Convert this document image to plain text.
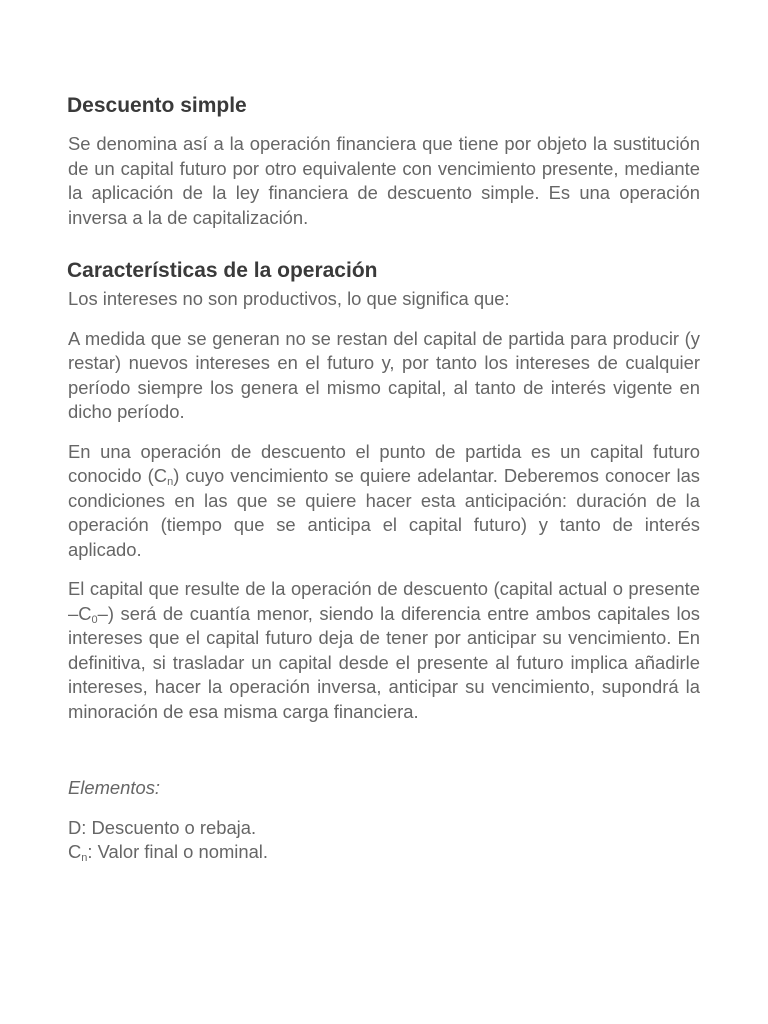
Descuento simple

Se denomina así a la operación financiera que tiene por objeto la sustitución de un capital futuro por otro equivalente con vencimiento presente, mediante la aplicación de la ley financiera de descuento simple. Es una operación inversa a la de capitalización.

Características de la operación

Los intereses no son productivos, lo que significa que:

A medida que se generan no se restan del capital de partida para producir (y restar) nuevos intereses en el futuro y, por tanto los intereses de cualquier período siempre los genera el mismo capital, al tanto de interés vigente en dicho período.

En una operación de descuento el punto de partida es un capital futuro conocido $(C_n)$ cuyo vencimiento se quiere adelantar. Deberemos conocer las condiciones en las que se quiere hacer esta anticipación: duración de la operación (tiempo que se anticipa el capital futuro) y tanto de interés aplicado.

El capital que resulte de la operación de descuento (capital actual o presente $-C_0-$) será de cuantía menor, siendo la diferencia entre ambos capitales los intereses que el capital futuro deja de tener por anticipar su vencimiento. En definitiva, si trasladar un capital desde el presente al futuro implica añadirle intereses, hacer la operación inversa, anticipar su vencimiento, supondrá la minoración de esa misma carga financiera.

Elementos:

D: Descuento o rebaja.
$C_n$: Valor final o nominal.
